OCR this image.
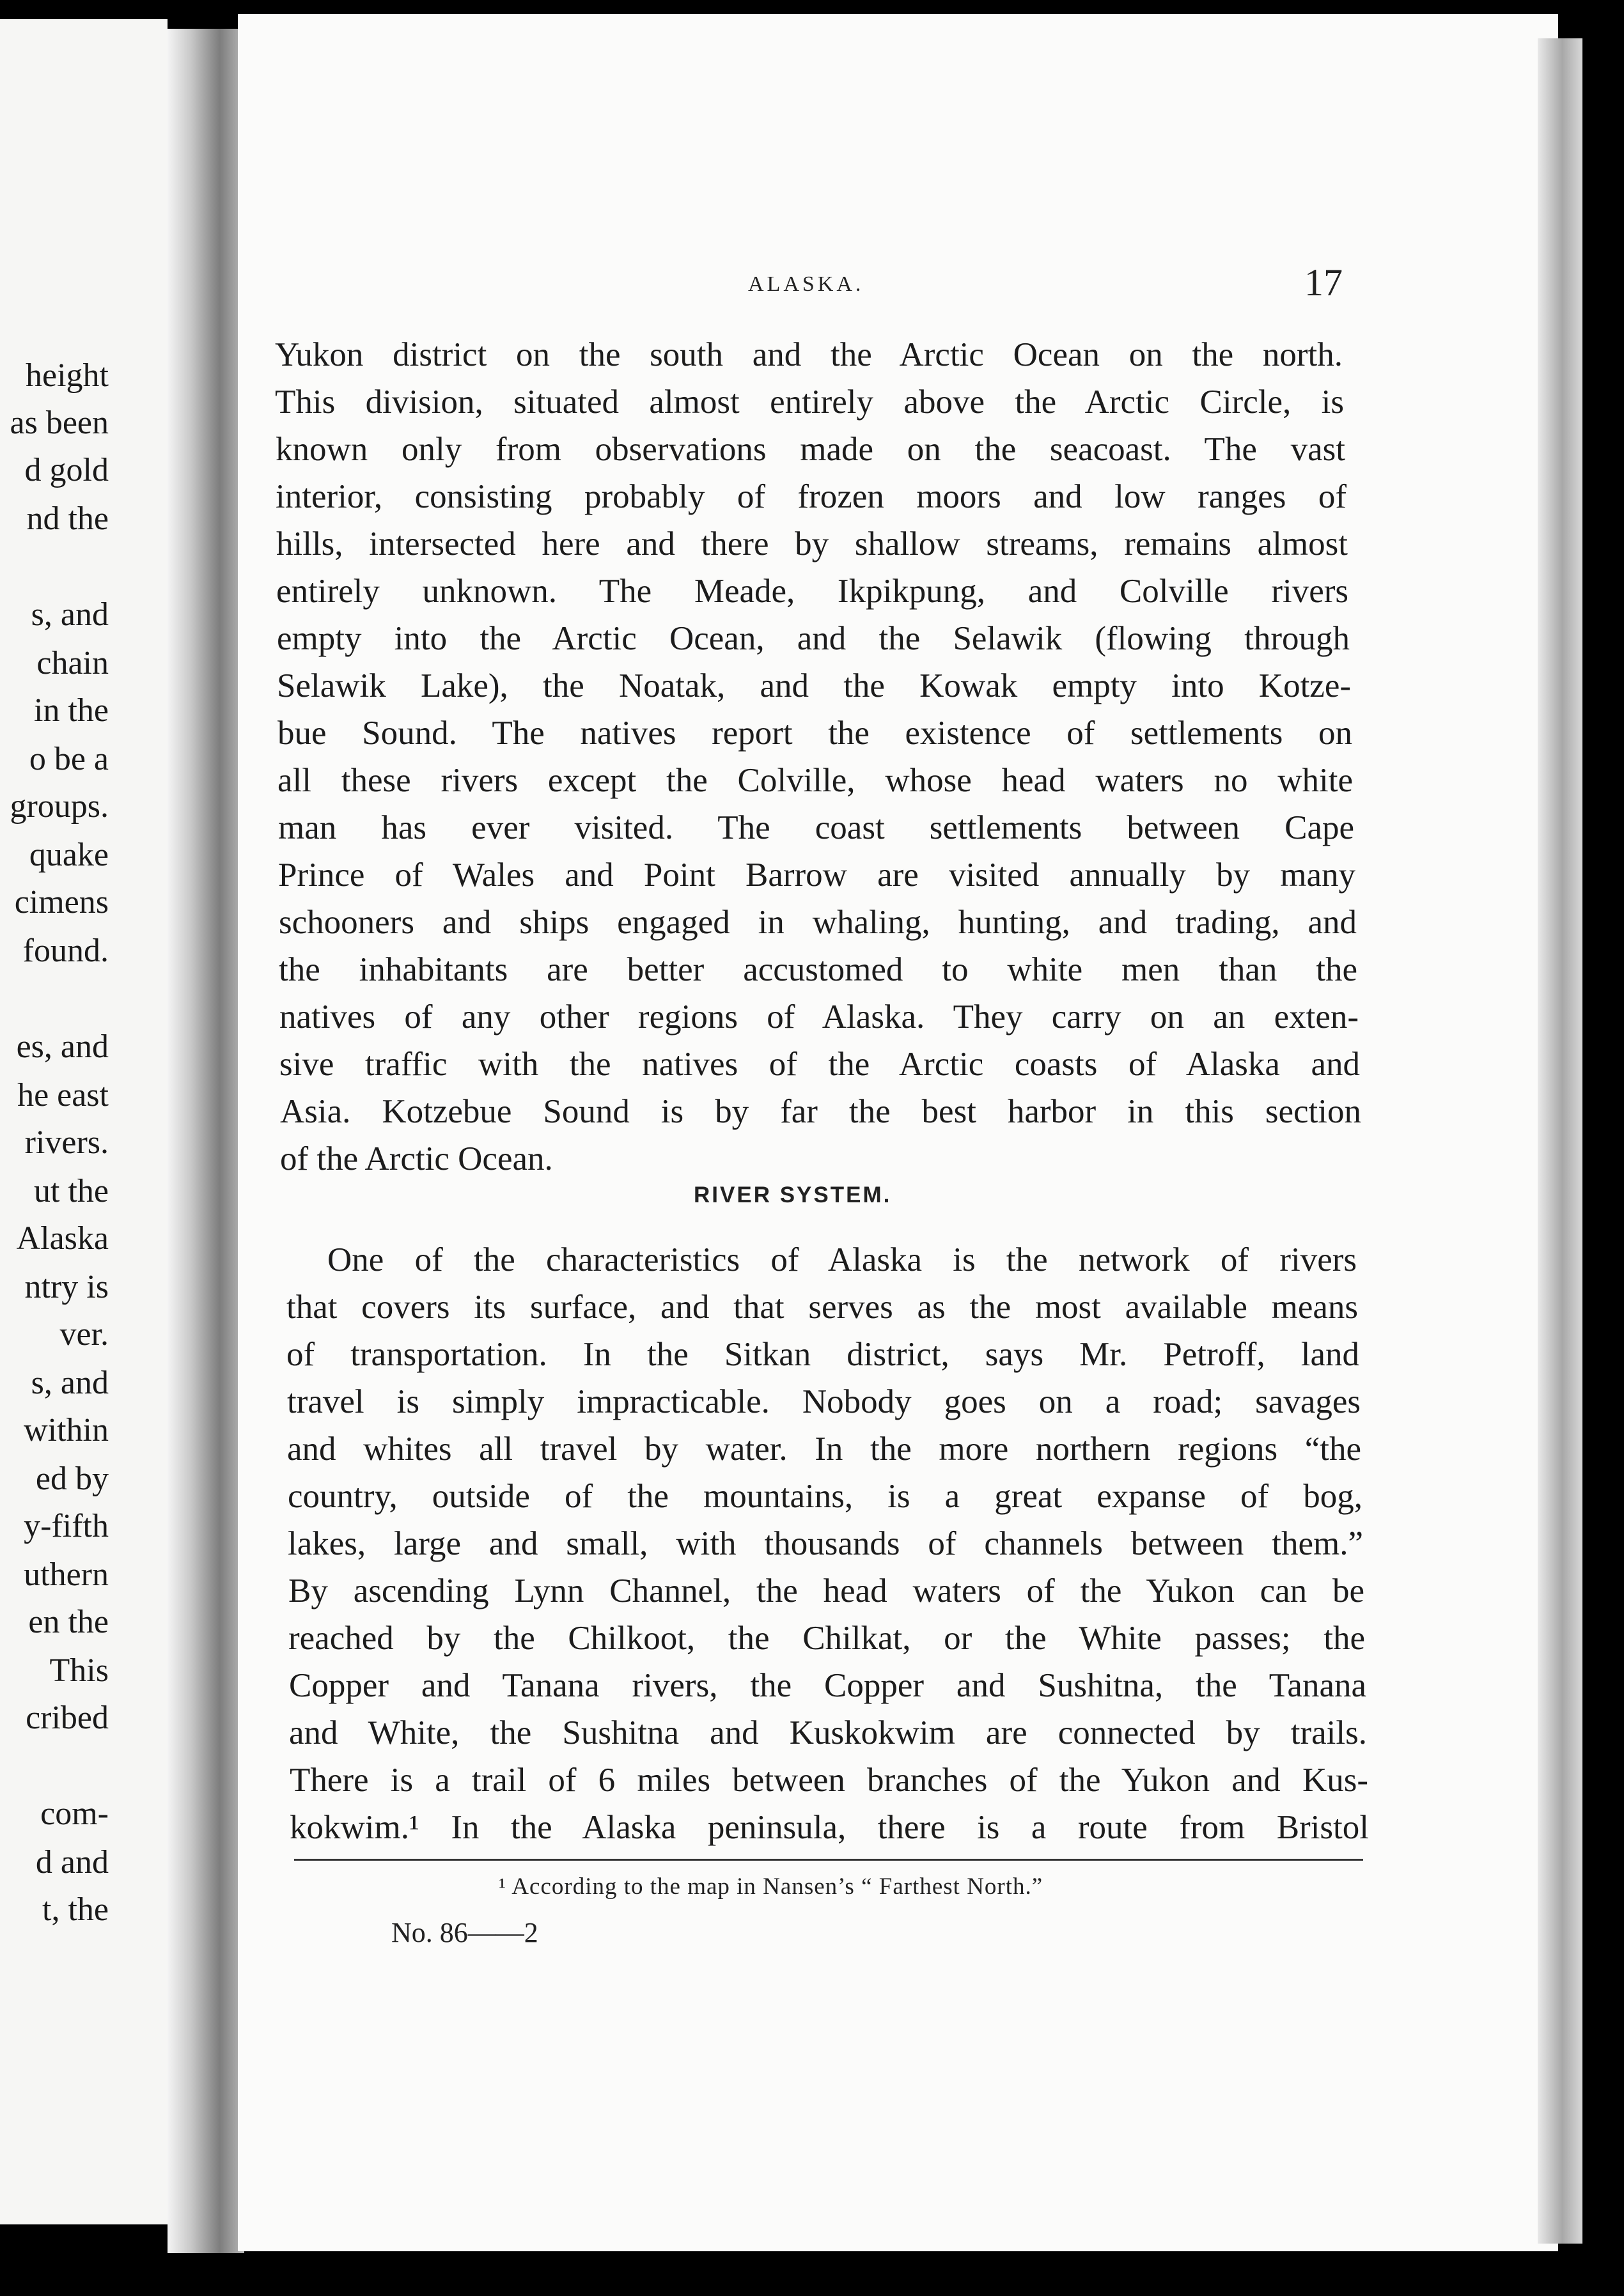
height
as been
d gold
nd the
s, and
chain
in the
o be a
groups.
quake
cimens
found.
es, and
he east
rivers.
ut the
Alaska
ntry is
ver.
s, and
within
ed by
y-fifth
uthern
en the
This
cribed
com-
d and
t, the
ALASKA.	17
Yukon district on the south and the Arctic Ocean on the north.
This division, situated almost entirely above the Arctic Circle, is
known only from observations made on the seacoast. The vast
interior, consisting probably of frozen moors and low ranges of
hills, intersected here and there by shallow streams, remains almost
entirely unknown. The Meade, Ikpikpung, and Colville rivers
empty into the Arctic Ocean, and the Selawik (flowing through
Selawik Lake), the Noatak, and the Kowak empty into Kotze-
bue Sound. The natives report the existence of settlements on
all these rivers except the Colville, whose head waters no white
man has ever visited. The coast settlements between Cape
Prince of Wales and Point Barrow are visited annually by many
schooners and ships engaged in whaling, hunting, and trading, and
the inhabitants are better accustomed to white men than the
natives of any other regions of Alaska. They carry on an exten-
sive traffic with the natives of the Arctic coasts of Alaska and
Asia. Kotzebue Sound is by far the best harbor in this section
of the Arctic Ocean.
RIVER SYSTEM.
One of the characteristics of Alaska is the network of rivers
that covers its surface, and that serves as the most available means
of transportation. In the Sitkan district, says Mr. Petroff, land
travel is simply impracticable. Nobody goes on a road; savages
and whites all travel by water. In the more northern regions “the
country, outside of the mountains, is a great expanse of bog,
lakes, large and small, with thousands of channels between them.”
By ascending Lynn Channel, the head waters of the Yukon can be
reached by the Chilkoot, the Chilkat, or the White passes; the
Copper and Tanana rivers, the Copper and Sushitna, the Tanana
and White, the Sushitna and Kuskokwim are connected by trails.
There is a trail of 6 miles between branches of the Yukon and Kus-
kokwim.¹ In the Alaska peninsula, there is a route from Bristol
¹ According to the map in Nansen’s “ Farthest North.”
No. 86——2
